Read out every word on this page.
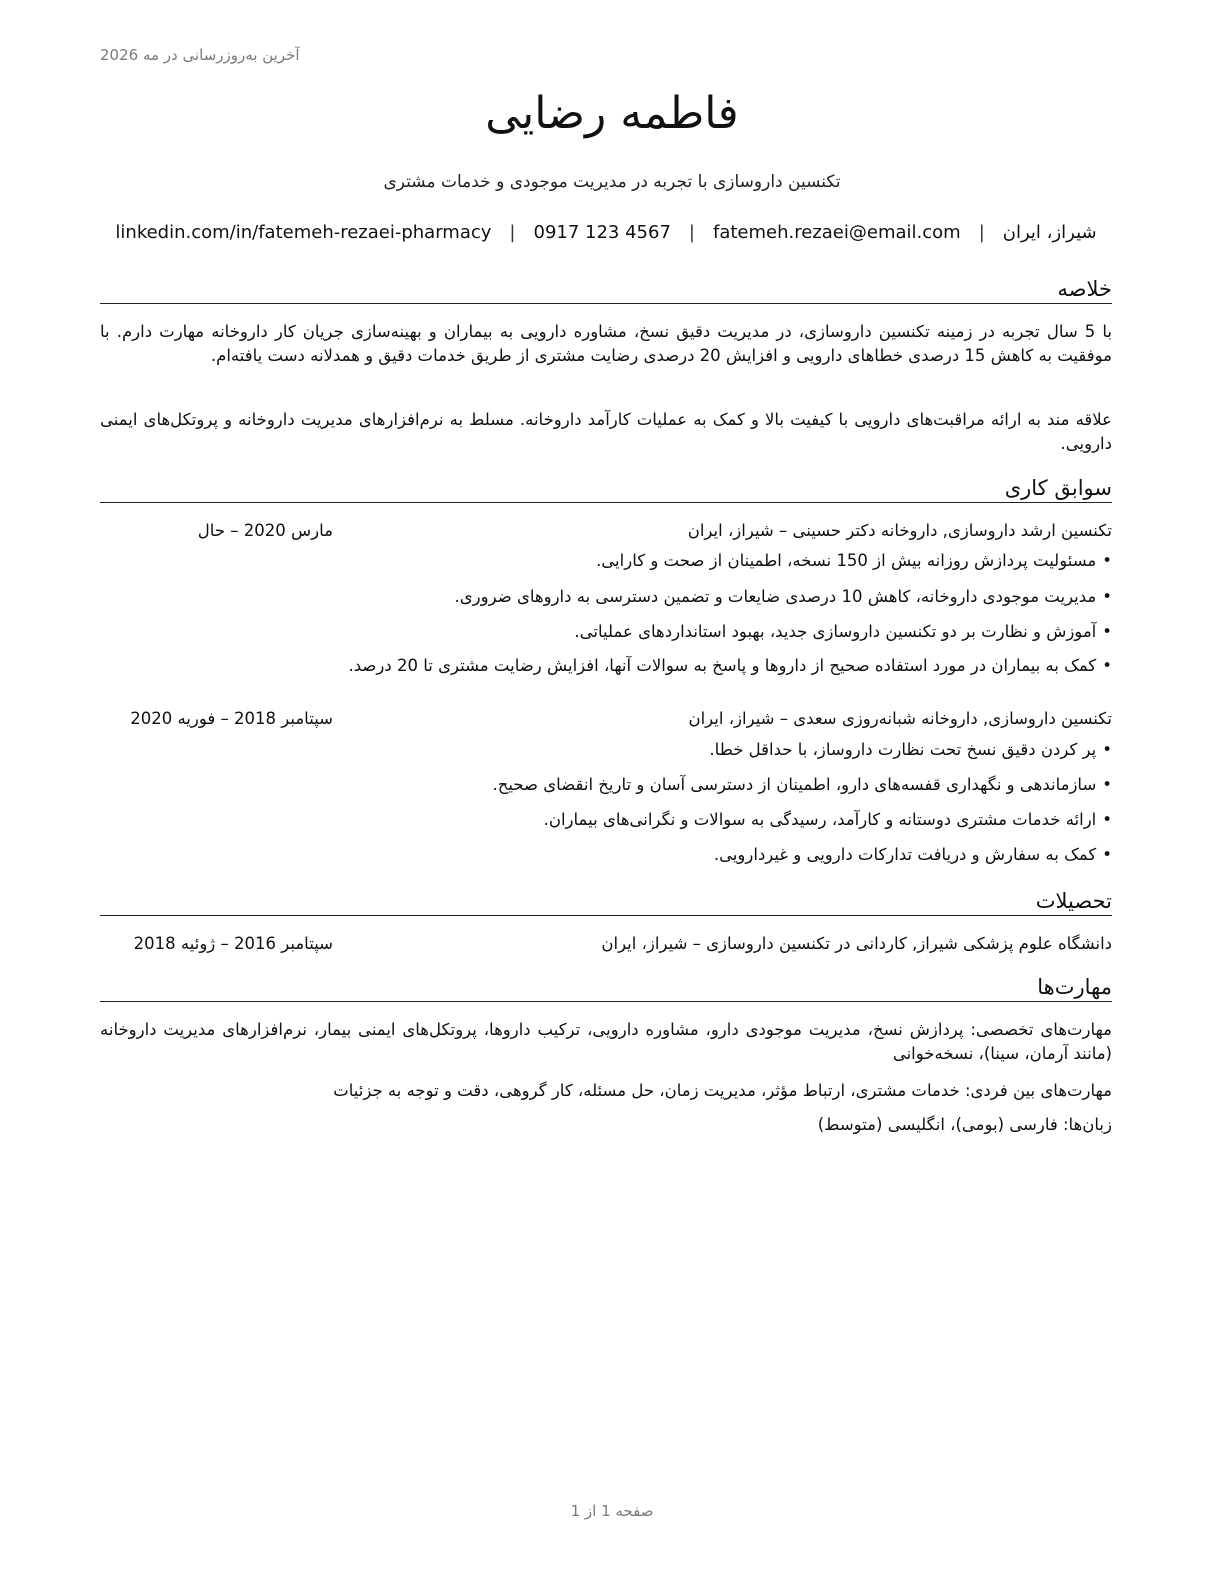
آخرین به‌روزرسانی در مه 2026
فاطمه رضایی
تکنسین داروسازی با تجربه در مدیریت موجودی و خدمات مشتری
شیراز، ایران
|
fatemeh.rezaei@email.com
|
0917 123 4567
|
linkedin.com/in/fatemeh-rezaei-pharmacy
خلاصه
با 5 سال تجربه در زمینه تکنسین داروسازی، در مدیریت دقیق نسخ، مشاوره دارویی به بیماران و بهینه‌سازی جریان کار داروخانه مهارت دارم. با موفقیت به کاهش 15 درصدی خطاهای دارویی و افزایش 20 درصدی رضایت مشتری از طریق خدمات دقیق و همدلانه دست یافته‌ام.
علاقه مند به ارائه مراقبت‌های دارویی با کیفیت بالا و کمک به عملیات کارآمد داروخانه. مسلط به نرم‌افزارهای مدیریت داروخانه و پروتکل‌های ایمنی دارویی.
سوابق کاری
تکنسین ارشد داروسازی, داروخانه دکتر حسینی – شیراز، ایران
مارس 2020 – حال
•مسئولیت پردازش روزانه بیش از 150 نسخه، اطمینان از صحت و کارایی.
•مدیریت موجودی داروخانه، کاهش 10 درصدی ضایعات و تضمین دسترسی به داروهای ضروری.
•آموزش و نظارت بر دو تکنسین داروسازی جدید، بهبود استانداردهای عملیاتی.
•کمک به بیماران در مورد استفاده صحیح از داروها و پاسخ به سوالات آنها، افزایش رضایت مشتری تا 20 درصد.
تکنسین داروسازی, داروخانه شبانه‌روزی سعدی – شیراز، ایران
سپتامبر 2018 – فوریه 2020
•پر کردن دقیق نسخ تحت نظارت داروساز، با حداقل خطا.
•سازماندهی و نگهداری قفسه‌های دارو، اطمینان از دسترسی آسان و تاریخ انقضای صحیح.
•ارائه خدمات مشتری دوستانه و کارآمد، رسیدگی به سوالات و نگرانی‌های بیماران.
•کمک به سفارش و دریافت تدارکات دارویی و غیردارویی.
تحصیلات
دانشگاه علوم پزشکی شیراز, کاردانی در تکنسین داروسازی – شیراز، ایران
سپتامبر 2016 – ژوئیه 2018
مهارت‌ها
مهارت‌های تخصصی: پردازش نسخ، مدیریت موجودی دارو، مشاوره دارویی، ترکیب داروها، پروتکل‌های ایمنی بیمار، نرم‌افزارهای مدیریت داروخانه (مانند آرمان، سینا)، نسخه‌خوانی
مهارت‌های بین فردی: خدمات مشتری، ارتباط مؤثر، مدیریت زمان، حل مسئله، کار گروهی، دقت و توجه به جزئیات
زبان‌ها: فارسی (بومی)، انگلیسی (متوسط)
صفحه 1 از 1
